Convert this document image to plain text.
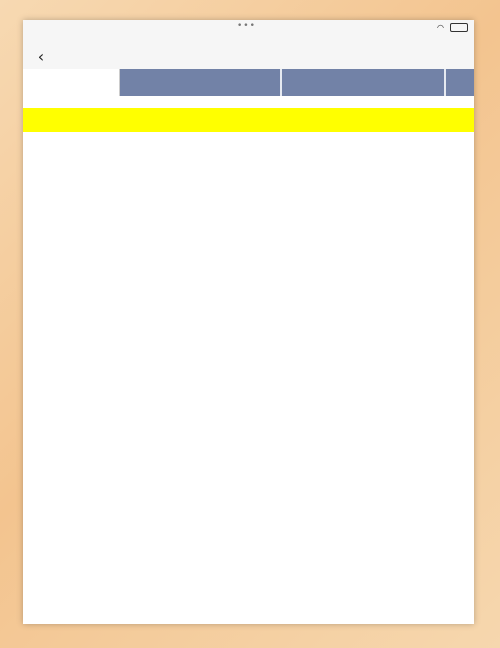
•••	◠
‹
